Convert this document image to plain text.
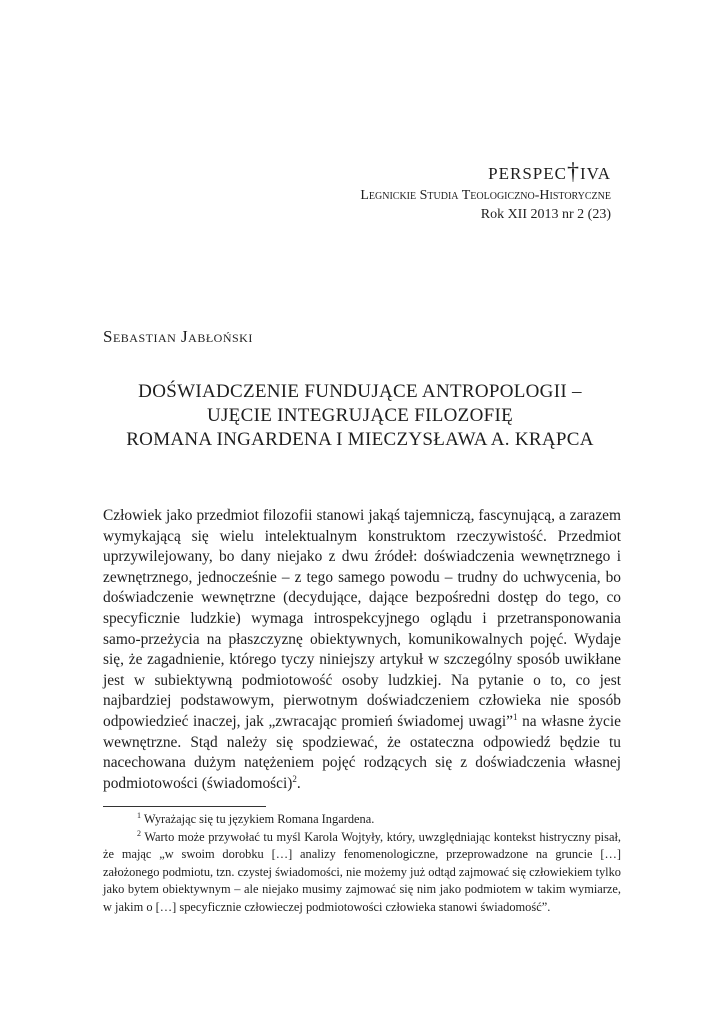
perspec†iva
Legnickie Studia Teologiczno-Historyczne
Rok XII 2013 nr 2 (23)
Sebastian Jabłoński
DOŚWIADCZENIE FUNDUJĄCE ANTROPOLOGII –
UJĘCIE INTEGRUJĄCE FILOZOFIĘ
ROMANA INGARDENA I MIECZYSŁAWA A. KRĄPCA
Człowiek jako przedmiot filozofii stanowi jakąś tajemniczą, fascynującą, a zarazem wymykającą się wielu intelektualnym konstruktom rzeczywistość. Przedmiot uprzywilejowany, bo dany niejako z dwu źródeł: doświadczenia wewnętrznego i zewnętrznego, jednocześnie – z tego samego powodu – trudny do uchwycenia, bo doświadczenie wewnętrzne (decydujące, dające bezpośredni dostęp do tego, co specyficznie ludzkie) wymaga introspekcyjnego oglądu i przetransponowania samo-przeżycia na płaszczyznę obiektywnych, komunikowalnych pojęć. Wydaje się, że zagadnienie, którego tyczy niniejszy artykuł w szczególny sposób uwikłane jest w subiektywną podmiotowość osoby ludzkiej. Na pytanie o to, co jest najbardziej podstawowym, pierwotnym doświadczeniem człowieka nie sposób odpowiedzieć inaczej, jak „zwracając promień świadomej uwagi”$^1$ na własne życie wewnętrzne. Stąd należy się spodziewać, że ostateczna odpowiedź będzie tu nacechowana dużym natężeniem pojęć rodzących się z doświadczenia własnej podmiotowości (świadomości)$^2$.
$^1$ Wyrażając się tu językiem Romana Ingardena.
$^2$ Warto może przywołać tu myśl Karola Wojtyły, który, uwzględniając kontekst histryczny pisał, że mając „w swoim dorobku […] analizy fenomenologiczne, przeprowadzone na gruncie […] założonego podmiotu, tzn. czystej świadomości, nie możemy już odtąd zajmować się człowiekiem tylko jako bytem obiektywnym – ale niejako musimy zajmować się nim jako podmiotem w takim wymiarze, w jakim o […] specyficznie człowieczej podmiotowości człowieka stanowi świadomość”.
